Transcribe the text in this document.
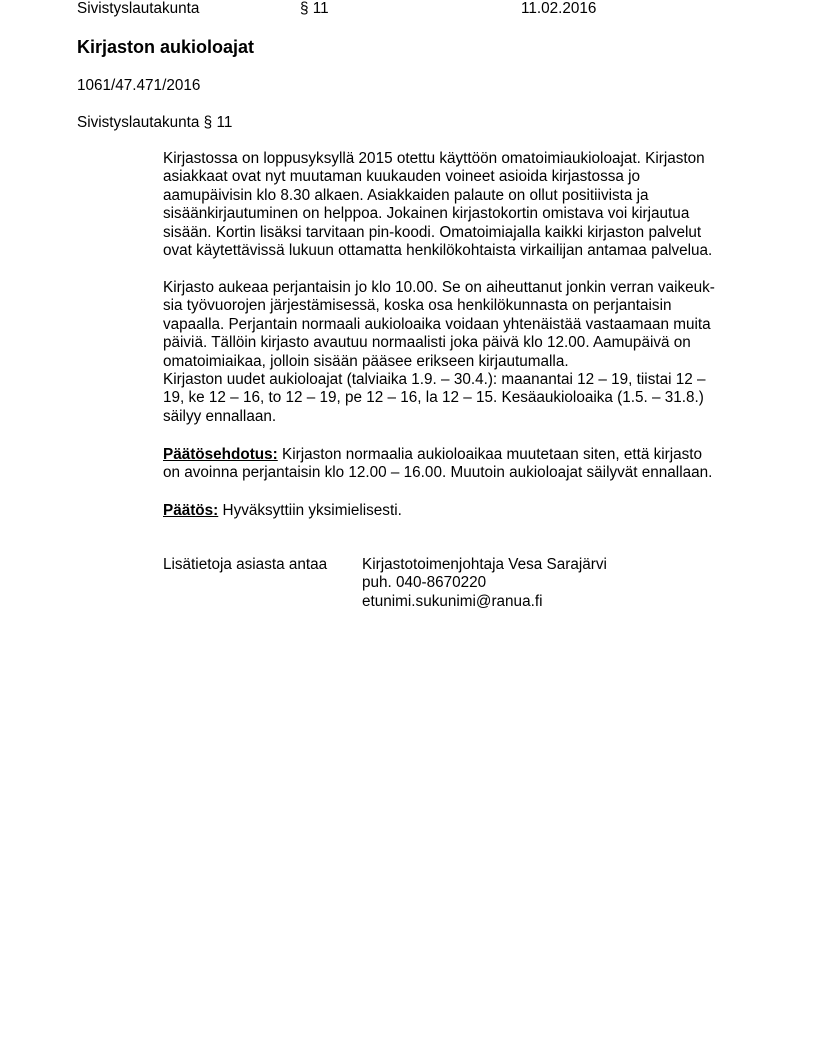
Sivistyslautakunta	§ 11	11.02.2016
Kirjaston aukioloajat
1061/47.471/2016
Sivistyslautakunta § 11
Kirjastossa on loppusyksyllä 2015 otettu käyttöön omatoimiaukioloajat. Kirjaston
asiakkaat ovat nyt muutaman kuukauden voineet asioida kirjastossa jo
aamupäivisin klo 8.30 alkaen. Asiakkaiden palaute on ollut positiivista ja
sisäänkirjautuminen on helppoa. Jokainen kirjastokortin omistava voi kirjautua
sisään. Kortin lisäksi tarvitaan pin-koodi. Omatoimiajalla kaikki kirjaston palvelut
ovat käytettävissä lukuun ottamatta henkilökohtaista virkailijan antamaa palvelua.
Kirjasto aukeaa perjantaisin jo klo 10.00. Se on aiheuttanut jonkin verran vaikeuk-
sia työvuorojen järjestämisessä, koska osa henkilökunnasta on perjantaisin
vapaalla. Perjantain normaali aukioloaika voidaan yhtenäistää vastaamaan muita
päiviä. Tällöin kirjasto avautuu normaalisti joka päivä klo 12.00. Aamupäivä on
omatoimiaikaa, jolloin sisään pääsee erikseen kirjautumalla.
Kirjaston uudet aukioloajat (talviaika 1.9. – 30.4.): maanantai 12 – 19, tiistai 12 –
19, ke 12 – 16, to 12 – 19, pe 12 – 16, la 12 – 15. Kesäaukioloaika (1.5. – 31.8.)
säilyy ennallaan.
Päätösehdotus: Kirjaston normaalia aukioloaikaa muutetaan siten, että kirjasto
on avoinna perjantaisin klo 12.00 – 16.00. Muutoin aukioloajat säilyvät ennallaan.
Päätös: Hyväksyttiin yksimielisesti.
Lisätietoja asiasta antaa Kirjastotoimenjohtaja Vesa Sarajärvi
puh. 040-8670220
etunimi.sukunimi@ranua.fi
